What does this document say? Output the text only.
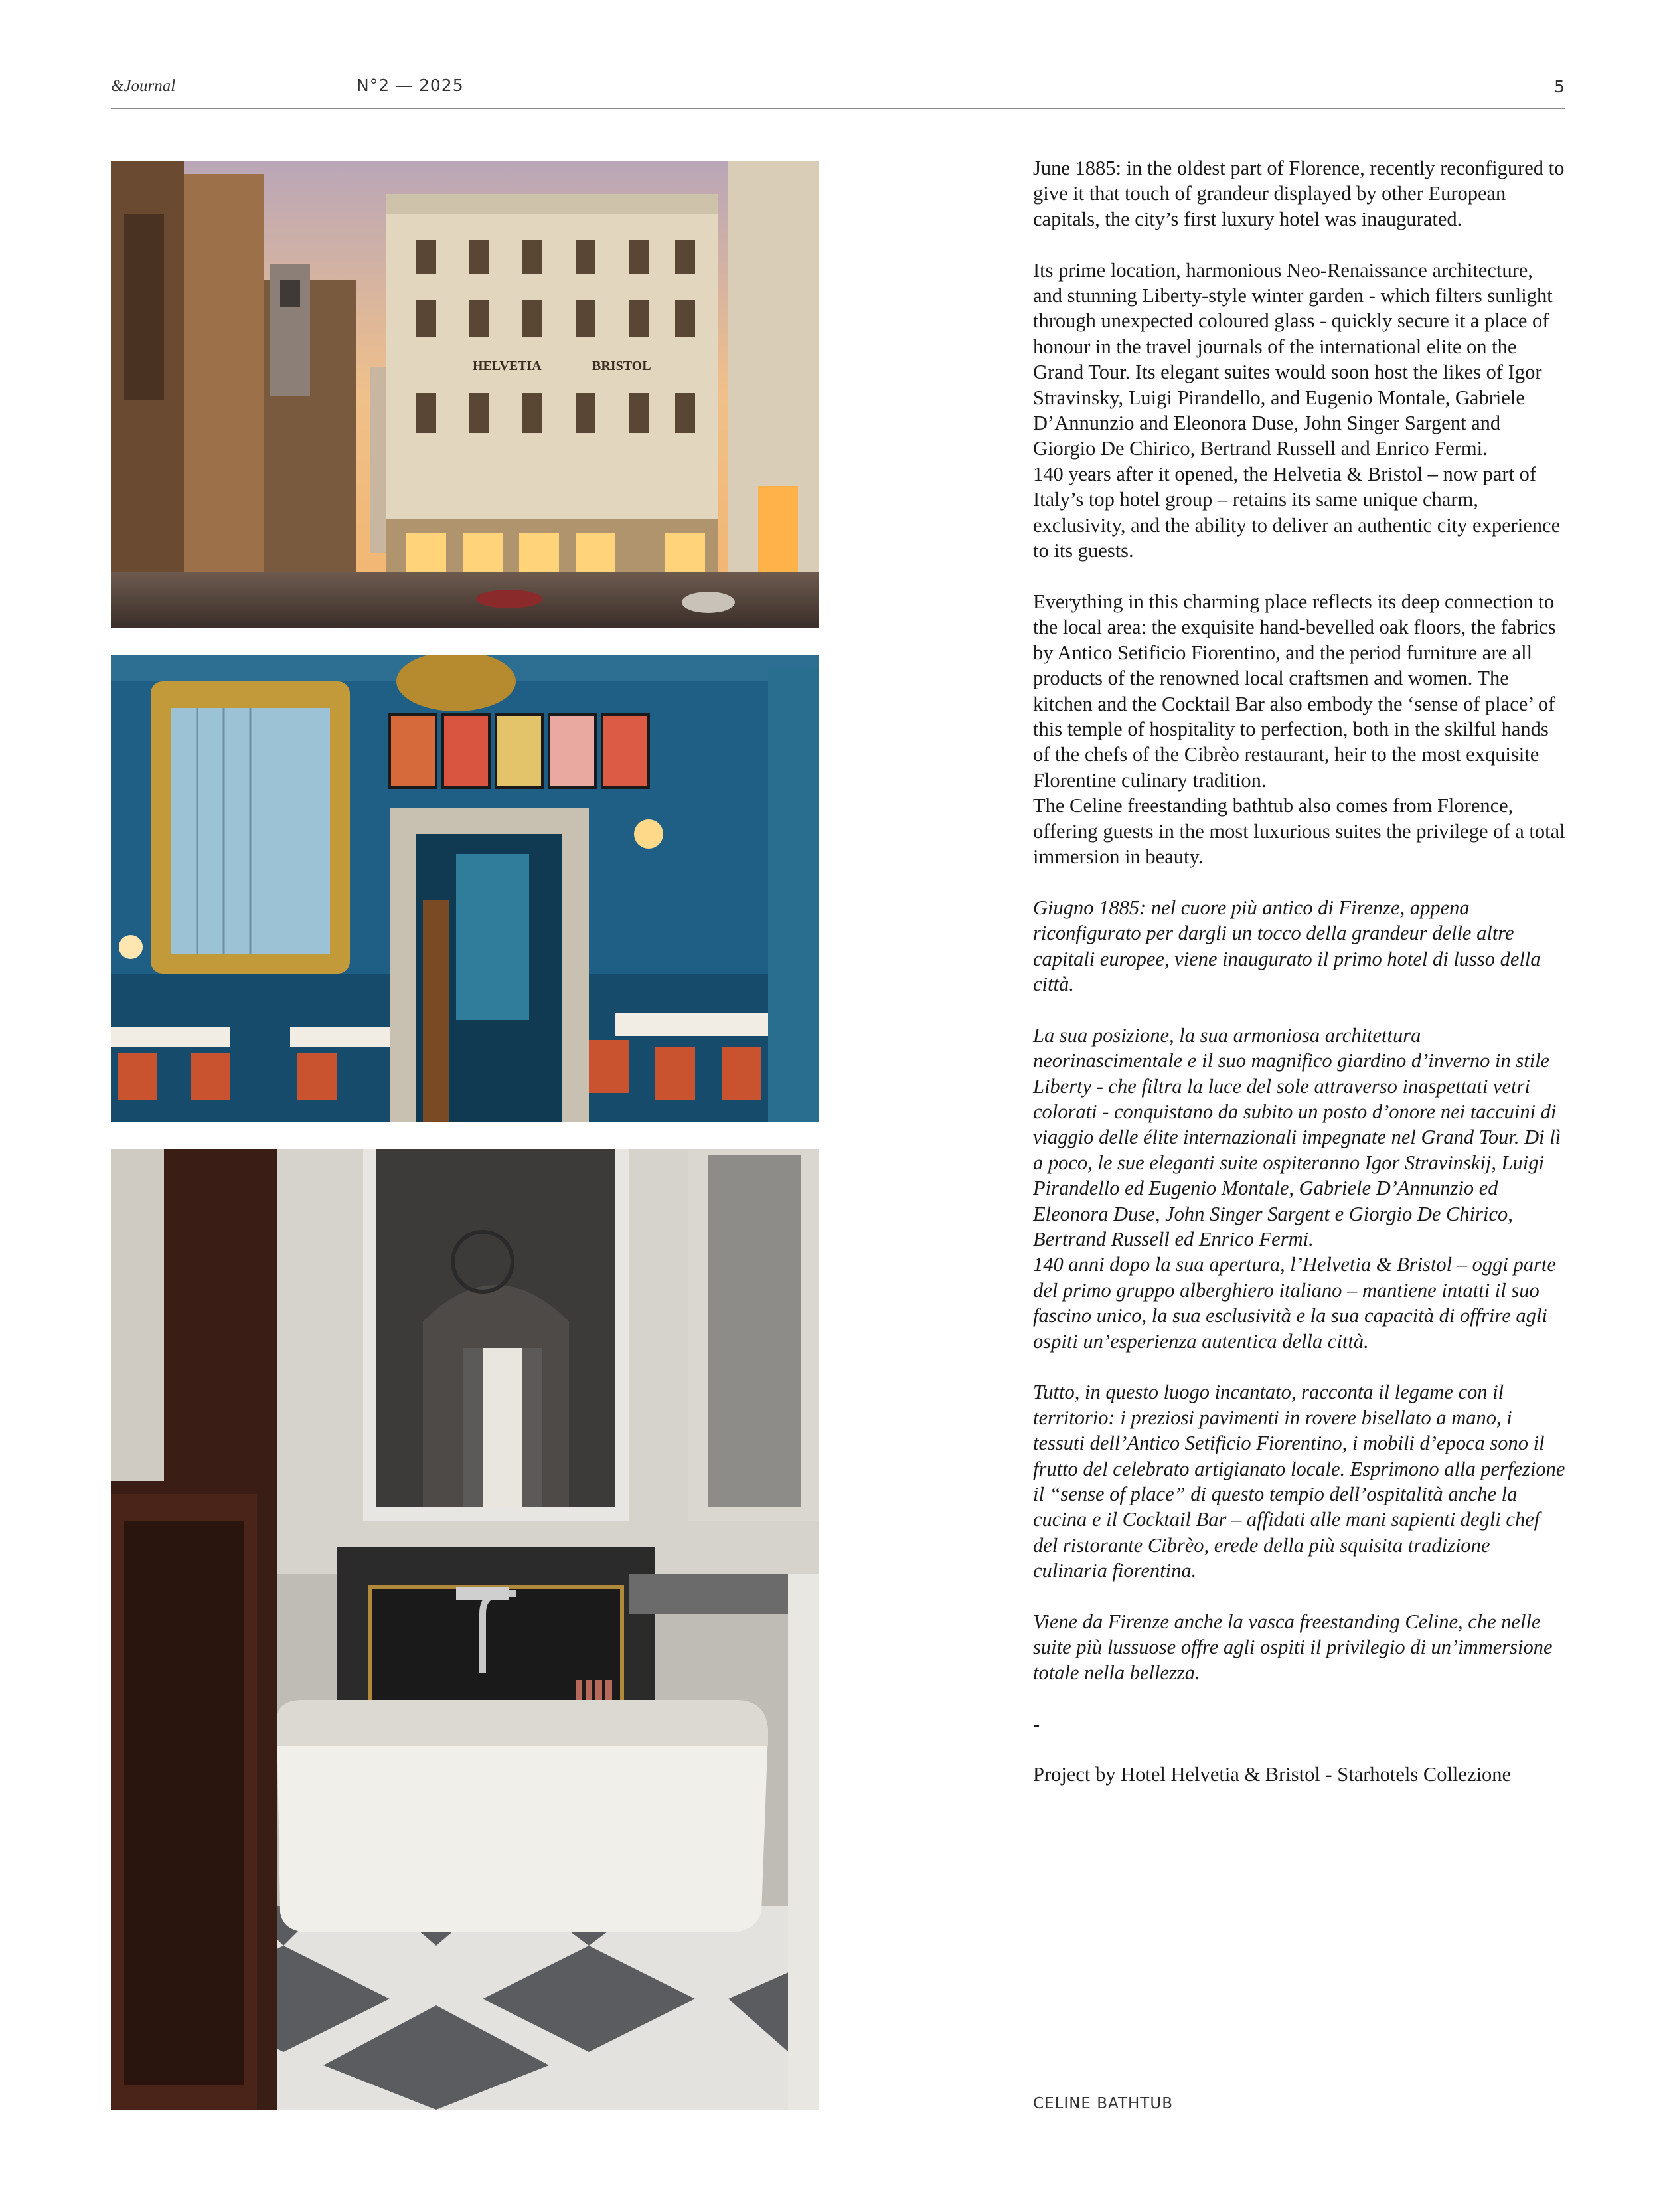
&Journal	N°2 — 2025	5
HELVETIA	BRISTOL

June 1885: in the oldest part of Florence, recently reconfigured to give it that touch of grandeur displayed by other European capitals, the city’s first luxury hotel was inaugurated.

Its prime location, harmonious Neo-Renaissance architecture, and stunning Liberty-style winter garden - which filters sunlight through unexpected coloured glass - quickly secure it a place of honour in the travel journals of the international elite on the Grand Tour. Its elegant suites would soon host the likes of Igor Stravinsky, Luigi Pirandello, and Eugenio Montale, Gabriele D’Annunzio and Eleonora Duse, John Singer Sargent and Giorgio De Chirico, Bertrand Russell and Enrico Fermi.

140 years after it opened, the Helvetia & Bristol – now part of Italy’s top hotel group – retains its same unique charm, exclusivity, and the ability to deliver an authentic city experience to its guests.

Everything in this charming place reflects its deep connection to the local area: the exquisite hand-bevelled oak floors, the fabrics by Antico Setificio Fiorentino, and the period furniture are all products of the renowned local craftsmen and women. The kitchen and the Cocktail Bar also embody the ‘sense of place’ of this temple of hospitality to perfection, both in the skilful hands of the chefs of the Cibrèo restaurant, heir to the most exquisite Florentine culinary tradition.

The Celine freestanding bathtub also comes from Florence, offering guests in the most luxurious suites the privilege of a total immersion in beauty.

Giugno 1885: nel cuore più antico di Firenze, appena riconfigurato per dargli un tocco della grandeur delle altre capitali europee, viene inaugurato il primo hotel di lusso della città.

La sua posizione, la sua armoniosa architettura neorinascimentale e il suo magnifico giardino d’inverno in stile Liberty - che filtra la luce del sole attraverso inaspettati vetri colorati - conquistano da subito un posto d’onore nei taccuini di viaggio delle élite internazionali impegnate nel Grand Tour. Di lì a poco, le sue eleganti suite ospiteranno Igor Stravinskij, Luigi Pirandello ed Eugenio Montale, Gabriele D’Annunzio ed Eleonora Duse, John Singer Sargent e Giorgio De Chirico, Bertrand Russell ed Enrico Fermi.

140 anni dopo la sua apertura, l’Helvetia & Bristol – oggi parte del primo gruppo alberghiero italiano – mantiene intatti il suo fascino unico, la sua esclusività e la sua capacità di offrire agli ospiti un’esperienza autentica della città.

Tutto, in questo luogo incantato, racconta il legame con il territorio: i preziosi pavimenti in rovere bisellato a mano, i tessuti dell’Antico Setificio Fiorentino, i mobili d’epoca sono il frutto del celebrato artigianato locale. Esprimono alla perfezione il “sense of place” di questo tempio dell’ospitalità anche la cucina e il Cocktail Bar – affidati alle mani sapienti degli chef del ristorante Cibrèo, erede della più squisita tradizione culinaria fiorentina.

Viene da Firenze anche la vasca freestanding Celine, che nelle suite più lussuose offre agli ospiti il privilegio di un’immersione totale nella bellezza.

-

Project by Hotel Helvetia & Bristol - Starhotels Collezione

CELINE BATHTUB
